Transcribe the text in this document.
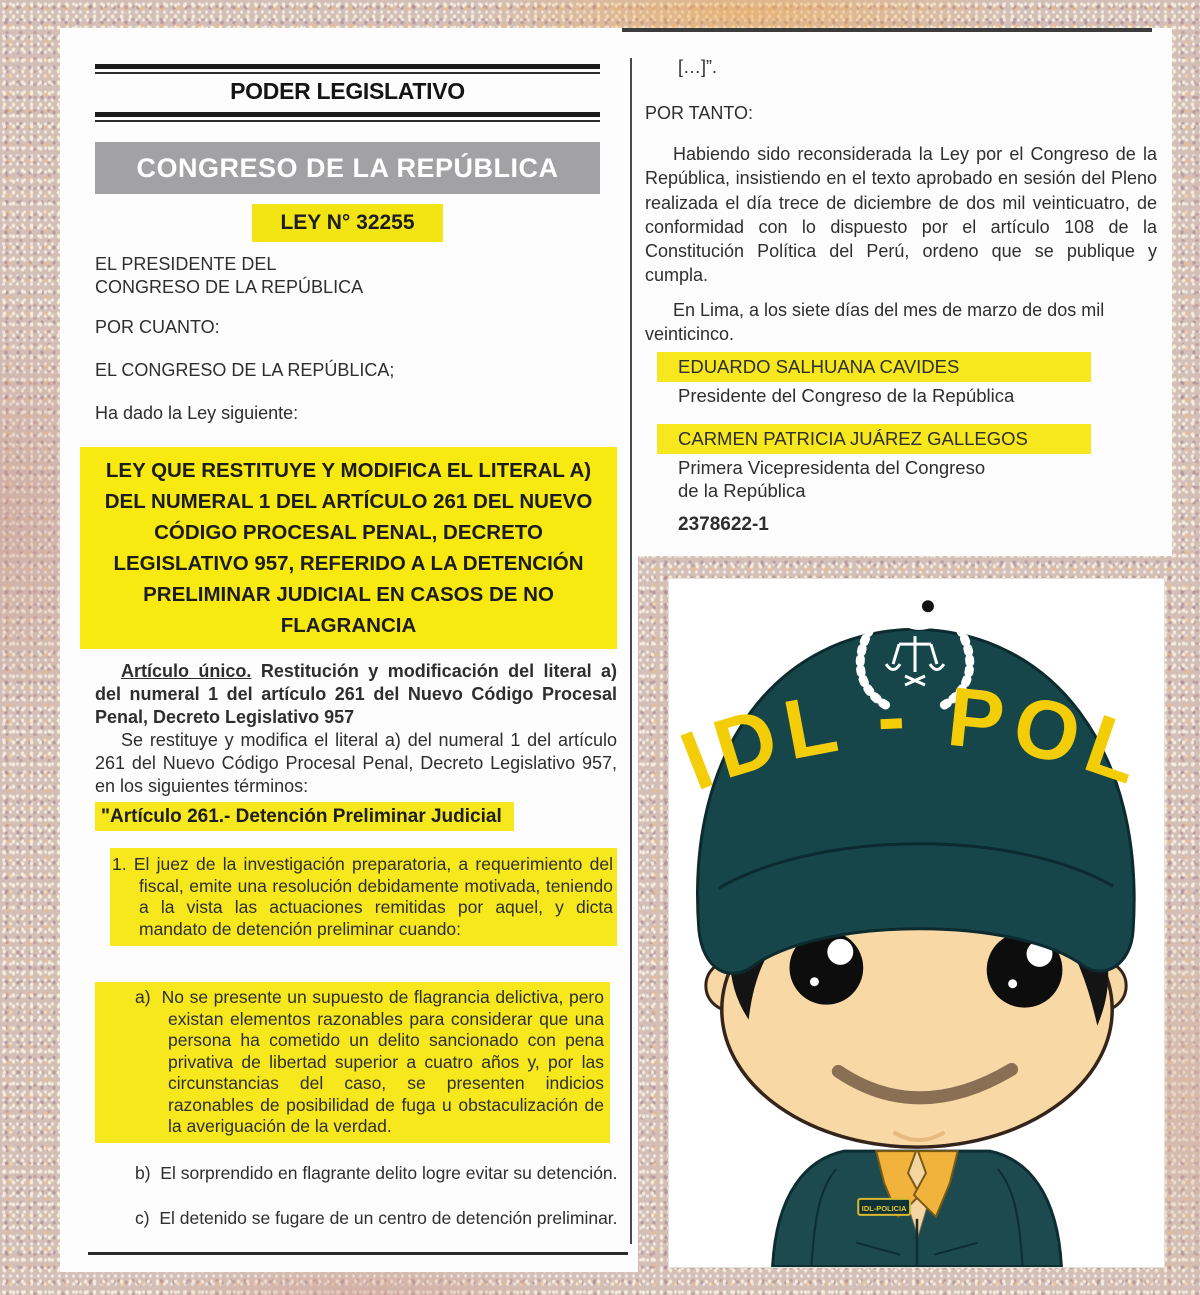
PODER LEGISLATIVO
CONGRESO DE LA REPÚBLICA
LEY N° 32255
EL PRESIDENTE DEL CONGRESO DE LA REPÚBLICA
POR CUANTO:
EL CONGRESO DE LA REPÚBLICA;
Ha dado la Ley siguiente:
LEY QUE RESTITUYE Y MODIFICA EL LITERAL A) DEL NUMERAL 1 DEL ARTÍCULO 261 DEL NUEVO CÓDIGO PROCESAL PENAL, DECRETO LEGISLATIVO 957, REFERIDO A LA DETENCIÓN PRELIMINAR JUDICIAL EN CASOS DE NO FLAGRANCIA

Artículo único. Restitución y modificación del literal a) del numeral 1 del artículo 261 del Nuevo Código Procesal Penal, Decreto Legislativo 957

Se restituye y modifica el literal a) del numeral 1 del artículo 261 del Nuevo Código Procesal Penal, Decreto Legislativo 957, en los siguientes términos:

"Artículo 261.- Detención Preliminar Judicial

1. El juez de la investigación preparatoria, a requerimiento del fiscal, emite una resolución debidamente motivada, teniendo a la vista las actuaciones remitidas por aquel, y dicta mandato de detención preliminar cuando:

a) No se presente un supuesto de flagrancia delictiva, pero existan elementos razonables para considerar que una persona ha cometido un delito sancionado con pena privativa de libertad superior a cuatro años y, por las circunstancias del caso, se presenten indicios razonables de posibilidad de fuga u obstaculización de la averiguación de la verdad.

b) El sorprendido en flagrante delito logre evitar su detención.

c) El detenido se fugare de un centro de detención preliminar.

[…]”.
POR TANTO:

Habiendo sido reconsiderada la Ley por el Congreso de la República, insistiendo en el texto aprobado en sesión del Pleno realizada el día trece de diciembre de dos mil veinticuatro, de conformidad con lo dispuesto por el artículo 108 de la Constitución Política del Perú, ordeno que se publique y cumpla.

En Lima, a los siete días del mes de marzo de dos mil veinticinco.

EDUARDO SALHUANA CAVIDES
Presidente del Congreso de la República
CARMEN PATRICIA JUÁREZ GALLEGOS
Primera Vicepresidenta del Congreso de la República
2378622-1
IDL-POLICIA
IDL - POL
